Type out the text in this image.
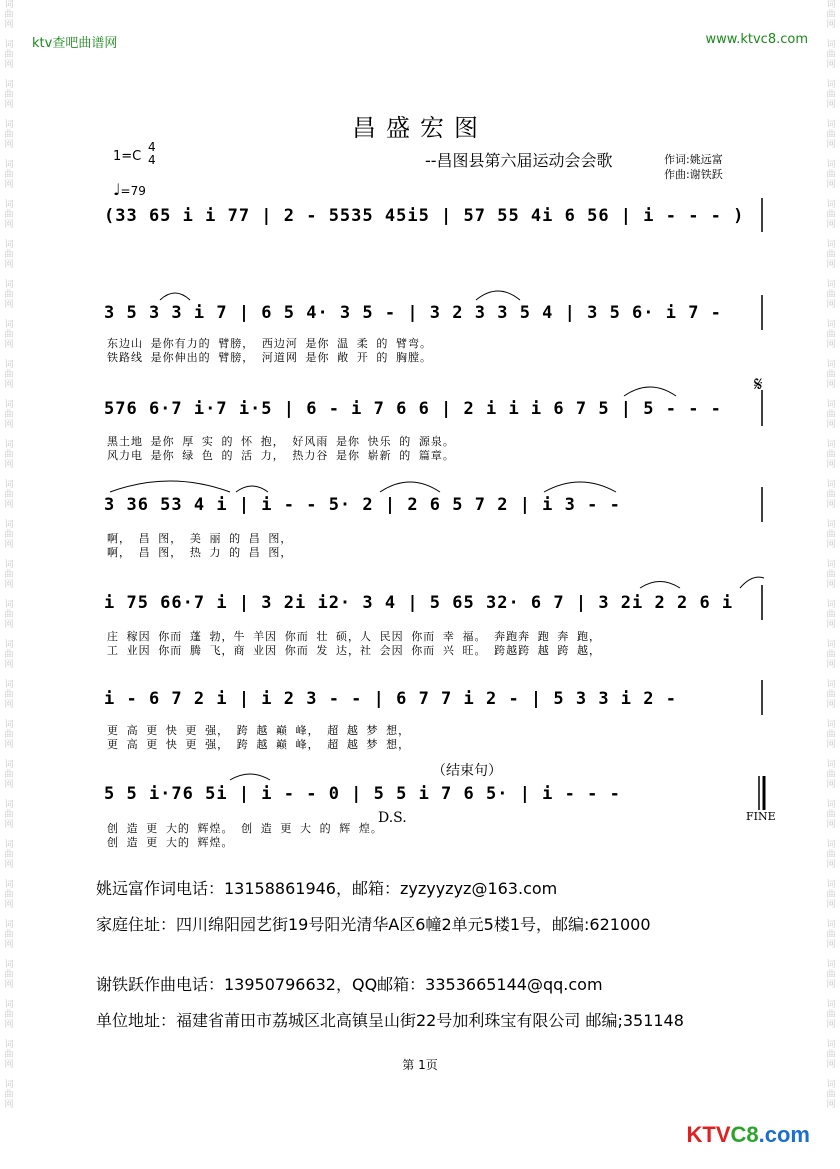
词
曲
网

词
曲
网

词
曲
网

词
曲
网

词
曲
网

词
曲
网

词
曲
网

词
曲
网

词
曲
网

词
曲
网

词
曲
网

词
曲
网

词
曲
网

词
曲
网

词
曲
网

词
曲
网

词
曲
网

词
曲
网

词
曲
网

词
曲
网

词
曲
网

词
曲
网

词
曲
网

词
曲
网

词
曲
网

词
曲
网

词
曲
网

词
曲
网

词
曲
网

词
曲
网

词
曲
网

词
曲
网

词
曲
网

词
曲
网

词
曲
网

词
曲
网

词
曲
网

词
曲
网

词
曲
网

词
曲
网

词
曲
网

词
曲
网

词
曲
网

词
曲
网

词
曲
网

词
曲
网

词
曲
网

词
曲
网

词
曲
网

词
曲
网

词
曲
网

词
曲
网

词
曲
网

词
曲
网

词
曲
网

词
曲
网

ktv查吧曲谱网	www.ktvc8.com
昌盛宏图
--昌图县第六届运动会会歌	作词:姚远富
作曲:谢铁跃
1=C
4
4
♩=79
(33 65 i i 77 | 2 - 5535 45i5 | 57 55 4i 6 56 | i - - - )
3 5 3 3 i 7 | 6 5 4· 3 5 - | 3 2 3 3 5 4 | 3 5 6· i 7 -
东边山 是你有力的 臂膀， 西边河 是你 温 柔 的 臂弯。
铁路线 是你伸出的 臂膀， 河道网 是你 敞 开 的 胸膛。
576 6·7 i·7 i·5 | 6 - i 7 6 6 | 2 i i i 6 7 5 | 5 - - -
黑土地 是你 厚 实 的 怀 抱， 好风雨 是你 快乐 的 源泉。
风力电 是你 绿 色 的 活 力， 热力谷 是你 崭新 的 篇章。
𝄋
3 36 53 4 i | i - - 5· 2 | 2 6 5 7 2 | i 3 - -
啊， 昌 图， 美 丽 的 昌 图，
啊， 昌 图， 热 力 的 昌 图，
i 75 66·7 i | 3 2i i2· 3 4 | 5 65 32· 6 7 | 3 2i 2 2 6 i
庄 稼因 你而 蓬 勃，牛 羊因 你而 壮 硕，人 民因 你而 幸 福。 奔跑奔 跑 奔 跑，
工 业因 你而 腾 飞，商 业因 你而 发 达，社 会因 你而 兴 旺。 跨越跨 越 跨 越，
i - 6 7 2 i | i 2 3 - - | 6 7 7 i 2 - | 5 3 3 i 2 -
更 高 更 快 更 强， 跨 越 巅 峰， 超 越 梦 想，
更 高 更 快 更 强， 跨 越 巅 峰， 超 越 梦 想，
（结束句）
5 5 i·76 5i | i - - 0 | 5 5 i 7 6 5· | i - - -
D.S.
创 造 更 大的 辉煌。 创 造 更 大 的 辉 煌。
创 造 更 大的 辉煌。
FINE
姚远富作词电话：13158861946，邮箱：zyzyyzyz@163.com
家庭住址：四川绵阳园艺街19号阳光清华A区6幢2单元5楼1号，邮编:621000
谢铁跃作曲电话：13950796632，QQ邮箱：3353665144@qq.com
单位地址：福建省莆田市荔城区北高镇呈山街22号加利珠宝有限公司 邮编;351148
第 1页
KTVC8.com
